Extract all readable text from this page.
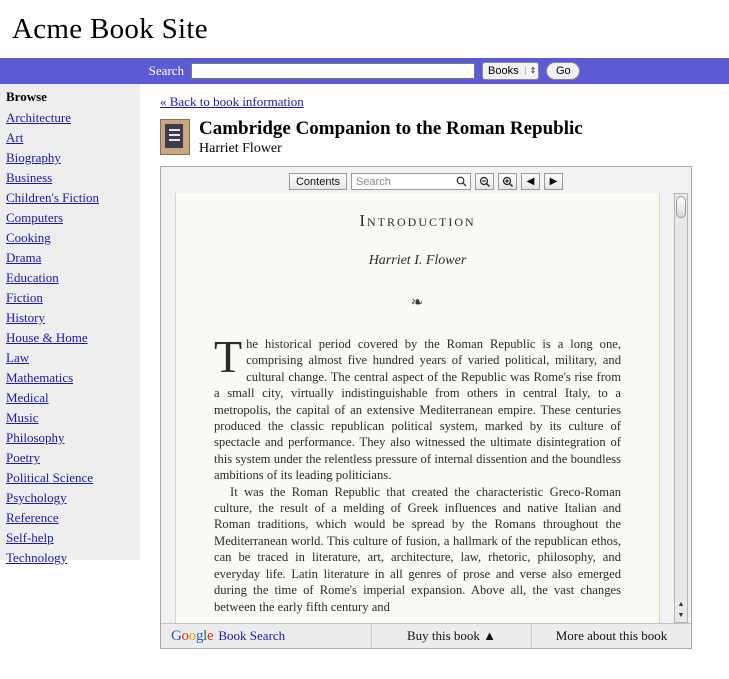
Acme Book Site
Search	Books	⇕	Go
Browse
Architecture
Art
Biography
Business
Children's Fiction
Computers
Cooking
Drama
Education
Fiction
History
House & Home
Law
Mathematics
Medical
Music
Philosophy
Poetry
Political Science
Psychology
Reference
Self-help
Technology
« Back to book information
Cambridge Companion to the Roman Republic

Harriet Flower

Contents	Search	◀	▶
Introduction
Harriet I. Flower
❧

The historical period covered by the Roman Republic is a long one, comprising almost five hundred years of varied political, military, and cultural change. The central aspect of the Republic was Rome's rise from a small city, virtually indistinguishable from others in central Italy, to a metropolis, the capital of an extensive Mediterranean empire. These centuries produced the classic republican political system, marked by its culture of spectacle and performance. They also witnessed the ultimate disintegration of this system under the relentless pressure of internal dissention and the boundless ambitions of its leading politicians.

It was the Roman Republic that created the characteristic Greco-Roman culture, the result of a melding of Greek influences and native Italian and Roman traditions, which would be spread by the Romans throughout the Mediterranean world. This culture of fusion, a hallmark of the republican ethos, can be traced in literature, art, architecture, law, rhetoric, philosophy, and everyday life. Latin literature in all genres of prose and verse also emerged during the time of Rome's imperial expansion. Above all, the vast changes between the early fifth century and	▲
▼
Google Book Search	Buy this book ▲	More about this book
